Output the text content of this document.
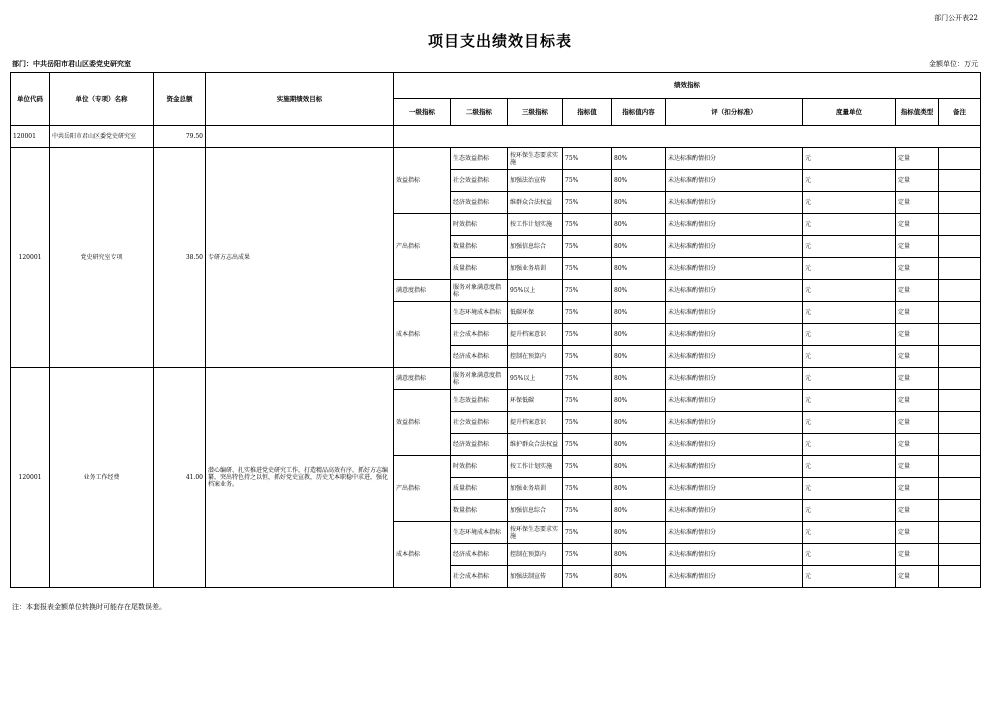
部门公开表22
项目支出绩效目标表
部门：中共岳阳市君山区委党史研究室	金额单位：万元
单位代码	单位（专项）名称	资金总额	实施期绩效目标	绩效指标								
				一级指标	二级指标	三级指标	指标值	指标值内容	评（扣分标准）	度量单位	指标值类型	备注
120001	中共岳阳市君山区委党史研究室	79.50										
120001	党史研究室专项	38.50	专研方志出成果	效益指标	生态效益指标	按环保生态要求实施	75%	80%	未达标准酌情扣分	元	定量	
					社会效益指标	加强法治宣传	75%	80%	未达标准酌情扣分	元	定量	
					经济效益指标	维群众合法权益	75%	80%	未达标准酌情扣分	元	定量	
				产出指标	时效指标	按工作计划实施	75%	80%	未达标准酌情扣分	元	定量	
					数量指标	加强信息综合	75%	80%	未达标准酌情扣分	元	定量	
					质量指标	加强业务培训	75%	80%	未达标准酌情扣分	元	定量	
				满意度指标	服务对象满意度指标	95%以上	75%	80%	未达标准酌情扣分	元	定量	
				成本指标	生态环境成本指标	低碳环保	75%	80%	未达标准酌情扣分	元	定量	
					社会成本指标	提升档案意识	75%	80%	未达标准酌情扣分	元	定量	
					经济成本指标	控制在预算内	75%	80%	未达标准酌情扣分	元	定量	
120001	业务工作经费	41.00	潜心编研、扎实推进党史研究工作，打造精品高效有序，抓好方志编纂，突出特色持之以恒，抓好党史宣教，历史无本职稳中求进，强化档案业务。	满意度指标	服务对象满意度指标	95%以上	75%	80%	未达标准酌情扣分	元	定量	
				效益指标	生态效益指标	环保低碳	75%	80%	未达标准酌情扣分	元	定量	
					社会效益指标	提升档案意识	75%	80%	未达标准酌情扣分	元	定量	
					经济效益指标	维护群众合法权益	75%	80%	未达标准酌情扣分	元	定量	
				产出指标	时效指标	按工作计划实施	75%	80%	未达标准酌情扣分	元	定量	
					质量指标	加强业务培训	75%	80%	未达标准酌情扣分	元	定量	
					数量指标	加强信息综合	75%	80%	未达标准酌情扣分	元	定量	
				成本指标	生态环境成本指标	按环保生态要求实施	75%	80%	未达标准酌情扣分	元	定量	
					经济成本指标	控制在预算内	75%	80%	未达标准酌情扣分	元	定量	
					社会成本指标	加强法制宣传	75%	80%	未达标准酌情扣分	元	定量	
注：本套报表金额单位转换时可能存在尾数误差。
